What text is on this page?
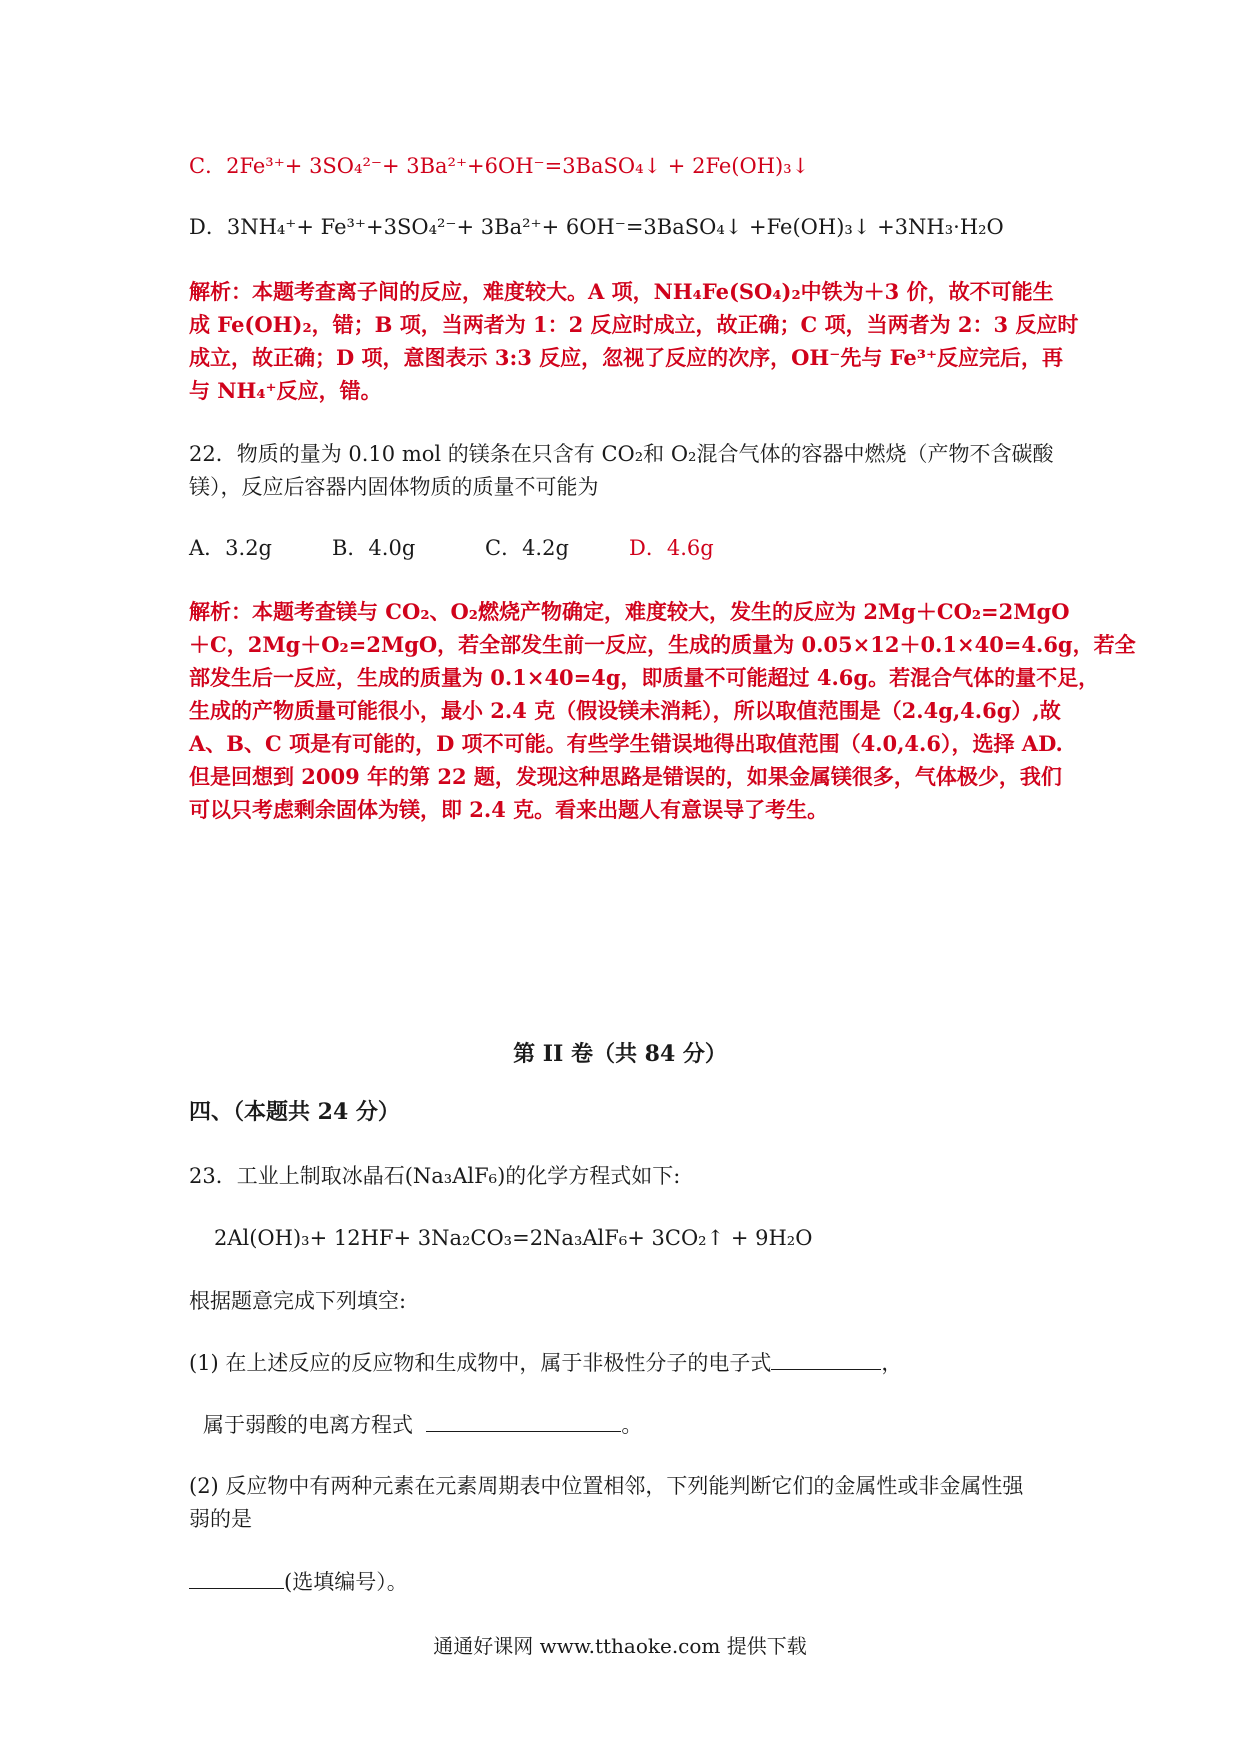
C．2Fe³⁺+ 3SO₄²⁻+ 3Ba²⁺+6OH⁻=3BaSO₄↓ + 2Fe(OH)₃↓
D．3NH₄⁺+ Fe³⁺+3SO₄²⁻+ 3Ba²⁺+ 6OH⁻=3BaSO₄↓ +Fe(OH)₃↓ +3NH₃·H₂O
解析：本题考查离子间的反应，难度较大。A 项，NH₄Fe(SO₄)₂中铁为＋3 价，故不可能生
成 Fe(OH)₂，错；B 项，当两者为 1：2 反应时成立，故正确；C 项，当两者为 2：3 反应时
成立，故正确；D 项，意图表示 3:3 反应，忽视了反应的次序，OH⁻先与 Fe³⁺反应完后，再
与 NH₄⁺反应，错。
22．物质的量为 0.10 mol 的镁条在只含有 CO₂和 O₂混合气体的容器中燃烧（产物不含碳酸
镁），反应后容器内固体物质的质量不可能为
A．3.2g	B．4.0g	C．4.2g	D．4.6g
解析：本题考查镁与 CO₂、O₂燃烧产物确定，难度较大，发生的反应为 2Mg＋CO₂=2MgO
＋C，2Mg＋O₂=2MgO，若全部发生前一反应，生成的质量为 0.05×12＋0.1×40=4.6g，若全
部发生后一反应，生成的质量为 0.1×40=4g，即质量不可能超过 4.6g。若混合气体的量不足，
生成的产物质量可能很小，最小 2.4 克（假设镁未消耗），所以取值范围是（2.4g,4.6g）,故
A、B、C 项是有可能的，D 项不可能。有些学生错误地得出取值范围（4.0,4.6），选择 AD.
但是回想到 2009 年的第 22 题，发现这种思路是错误的，如果金属镁很多，气体极少，我们
可以只考虑剩余固体为镁，即 2.4 克。看来出题人有意误导了考生。
第 II 卷（共 84 分）
四、（本题共 24 分）
23．工业上制取冰晶石(Na₃AlF₆)的化学方程式如下:
2Al(OH)₃+ 12HF+ 3Na₂CO₃=2Na₃AlF₆+ 3CO₂↑ + 9H₂O
根据题意完成下列填空:
(1) 在上述反应的反应物和生成物中，属于非极性分子的电子式	，
属于弱酸的电离方程式	。
(2) 反应物中有两种元素在元素周期表中位置相邻，下列能判断它们的金属性或非金属性强
弱的是
(选填编号）。
通通好课网 www.tthaoke.com 提供下载
